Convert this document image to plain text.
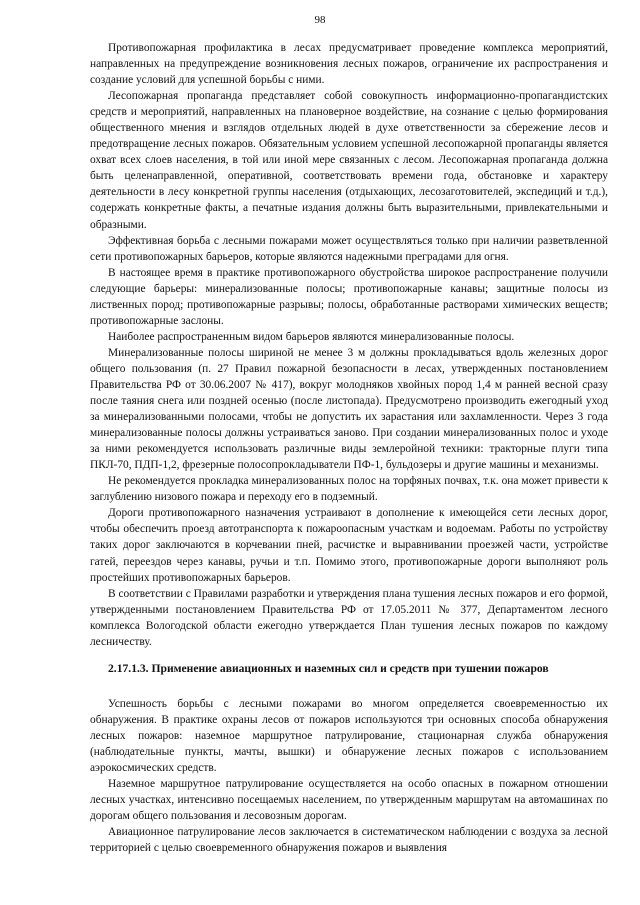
98

Противопожарная профилактика в лесах предусматривает проведение комплекса мероприятий, направленных на предупреждение возникновения лесных пожаров, ограничение их распространения и создание условий для успешной борьбы с ними.

Лесопожарная пропаганда представляет собой совокупность информационно-пропагандистских средств и мероприятий, направленных на плановерное воздействие, на сознание с целью формирования общественного мнения и взглядов отдельных людей в духе ответственности за сбережение лесов и предотвращение лесных пожаров. Обязательным условием успешной лесопожарной пропаганды является охват всех слоев населения, в той или иной мере связанных с лесом. Лесопожарная пропаганда должна быть целенаправленной, оперативной, соответствовать времени года, обстановке и характеру деятельности в лесу конкретной группы населения (отдыхающих, лесозаготовителей, экспедиций и т.д.), содержать конкретные факты, а печатные издания должны быть выразительными, привлекательными и образными.

Эффективная борьба с лесными пожарами может осуществляться только при наличии разветвленной сети противопожарных барьеров, которые являются надежными преградами для огня.

В настоящее время в практике противопожарного обустройства широкое распространение получили следующие барьеры: минерализованные полосы; противопожарные канавы; защитные полосы из лиственных пород; противопожарные разрывы; полосы, обработанные растворами химических веществ; противопожарные заслоны.

Наиболее распространенным видом барьеров являются минерализованные полосы.

Минерализованные полосы шириной не менее 3 м должны прокладываться вдоль железных дорог общего пользования (п. 27 Правил пожарной безопасности в лесах, утвержденных постановлением Правительства РФ от 30.06.2007 № 417), вокруг молодняков хвойных пород 1,4 м ранней весной сразу после таяния снега или поздней осенью (после листопада). Предусмотрено производить ежегодный уход за минерализованными полосами, чтобы не допустить их зарастания или захламленности. Через 3 года минерализованные полосы должны устраиваться заново. При создании минерализованных полос и уходе за ними рекомендуется использовать различные виды землеройной техники: тракторные плуги типа ПКЛ-70, ПДП-1,2, фрезерные полосопрокладыватели ПФ-1, бульдозеры и другие машины и механизмы.

Не рекомендуется прокладка минерализованных полос на торфяных почвах, т.к. она может привести к заглублению низового пожара и переходу его в подземный.

Дороги противопожарного назначения устраивают в дополнение к имеющейся сети лесных дорог, чтобы обеспечить проезд автотранспорта к пожароопасным участкам и водоемам. Работы по устройству таких дорог заключаются в корчевании пней, расчистке и выравнивании проезжей части, устройстве гатей, переездов через канавы, ручьи и т.п. Помимо этого, противопожарные дороги выполняют роль простейших противопожарных барьеров.

В соответствии с Правилами разработки и утверждения плана тушения лесных пожаров и его формой, утвержденными постановлением Правительства РФ от 17.05.2011 № 377, Департаментом лесного комплекса Вологодской области ежегодно утверждается План тушения лесных пожаров по каждому лесничеству.

2.17.1.3. Применение авиационных и наземных сил и средств при тушении пожаров

Успешность борьбы с лесными пожарами во многом определяется своевременностью их обнаружения. В практике охраны лесов от пожаров используются три основных способа обнаружения лесных пожаров: наземное маршрутное патрулирование, стационарная служба обнаружения (наблюдательные пункты, мачты, вышки) и обнаружение лесных пожаров с использованием аэрокосмических средств.

Наземное маршрутное патрулирование осуществляется на особо опасных в пожарном отношении лесных участках, интенсивно посещаемых населением, по утвержденным маршрутам на автомашинах по дорогам общего пользования и лесовозным дорогам.

Авиационное патрулирование лесов заключается в систематическом наблюдении с воздуха за лесной территорией с целью своевременного обнаружения пожаров и выявления
